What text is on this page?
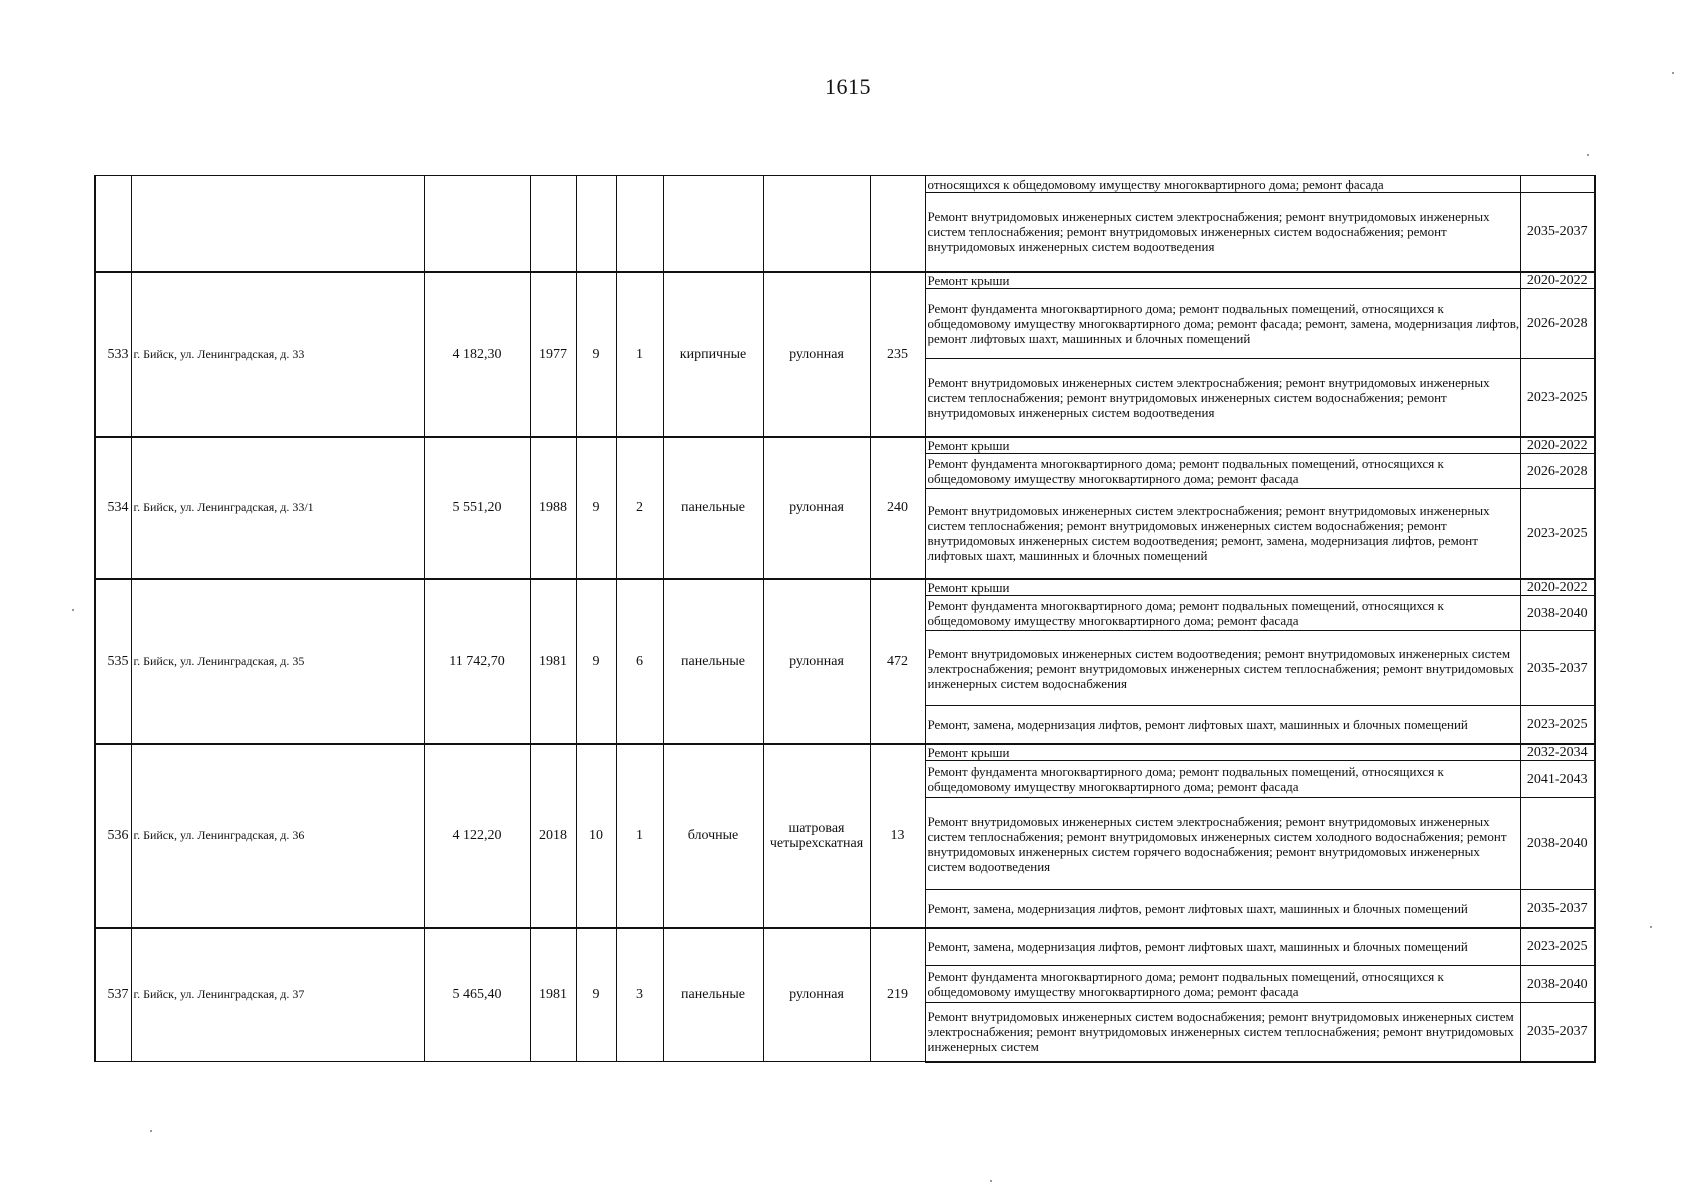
1615
									относящихся к общедомовому имуществу многоквартирного дома; ремонт фасада	
									Ремонт внутридомовых инженерных систем электроснабжения; ремонт внутридомовых инженерных систем теплоснабжения; ремонт внутридомовых инженерных систем водоснабжения; ремонт внутридомовых инженерных систем водоотведения	2035-2037
533	г. Бийск, ул. Ленинградская, д. 33	4 182,30	1977	9	1	кирпичные	рулонная	235	Ремонт крыши	2020-2022
									Ремонт фундамента многоквартирного дома; ремонт подвальных помещений, относящихся к общедомовому имуществу многоквартирного дома; ремонт фасада; ремонт, замена, модернизация лифтов, ремонт лифтовых шахт, машинных и блочных помещений	2026-2028
									Ремонт внутридомовых инженерных систем электроснабжения; ремонт внутридомовых инженерных систем теплоснабжения; ремонт внутридомовых инженерных систем водоснабжения; ремонт внутридомовых инженерных систем водоотведения	2023-2025
534	г. Бийск, ул. Ленинградская, д. 33/1	5 551,20	1988	9	2	панельные	рулонная	240	Ремонт крыши	2020-2022
									Ремонт фундамента многоквартирного дома; ремонт подвальных помещений, относящихся к общедомовому имуществу многоквартирного дома; ремонт фасада	2026-2028
									Ремонт внутридомовых инженерных систем электроснабжения; ремонт внутридомовых инженерных систем теплоснабжения; ремонт внутридомовых инженерных систем водоснабжения; ремонт внутридомовых инженерных систем водоотведения; ремонт, замена, модернизация лифтов, ремонт лифтовых шахт, машинных и блочных помещений	2023-2025
535	г. Бийск, ул. Ленинградская, д. 35	11 742,70	1981	9	6	панельные	рулонная	472	Ремонт крыши	2020-2022
									Ремонт фундамента многоквартирного дома; ремонт подвальных помещений, относящихся к общедомовому имуществу многоквартирного дома; ремонт фасада	2038-2040
									Ремонт внутридомовых инженерных систем водоотведения; ремонт внутридомовых инженерных систем электроснабжения; ремонт внутридомовых инженерных систем теплоснабжения; ремонт внутридомовых инженерных систем водоснабжения	2035-2037
									Ремонт, замена, модернизация лифтов, ремонт лифтовых шахт, машинных и блочных помещений	2023-2025
536	г. Бийск, ул. Ленинградская, д. 36	4 122,20	2018	10	1	блочные	шатровая четырехскатная	13	Ремонт крыши	2032-2034
									Ремонт фундамента многоквартирного дома; ремонт подвальных помещений, относящихся к общедомовому имуществу многоквартирного дома; ремонт фасада	2041-2043
									Ремонт внутридомовых инженерных систем электроснабжения; ремонт внутридомовых инженерных систем теплоснабжения; ремонт внутридомовых инженерных систем холодного водоснабжения; ремонт внутридомовых инженерных систем горячего водоснабжения; ремонт внутридомовых инженерных систем водоотведения	2038-2040
									Ремонт, замена, модернизация лифтов, ремонт лифтовых шахт, машинных и блочных помещений	2035-2037
537	г. Бийск, ул. Ленинградская, д. 37	5 465,40	1981	9	3	панельные	рулонная	219	Ремонт, замена, модернизация лифтов, ремонт лифтовых шахт, машинных и блочных помещений	2023-2025
									Ремонт фундамента многоквартирного дома; ремонт подвальных помещений, относящихся к общедомовому имуществу многоквартирного дома; ремонт фасада	2038-2040
									Ремонт внутридомовых инженерных систем водоснабжения; ремонт внутридомовых инженерных систем электроснабжения; ремонт внутридомовых инженерных систем теплоснабжения; ремонт внутридомовых инженерных систем	2035-2037
